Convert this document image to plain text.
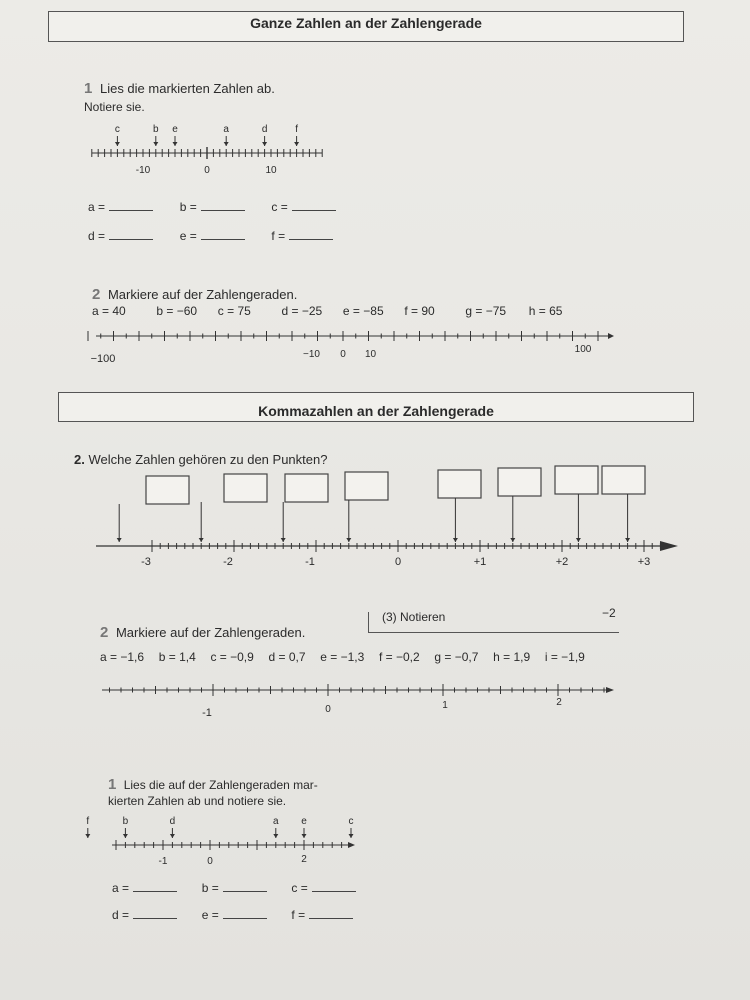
Ganze Zahlen an der Zahlengerade
1 Lies die markierten Zahlen ab.
Notiere sie.
c	b e	a	d	f
-10	0	10
a =	b =	c =
d =	e =	f =
2 Markiere auf der Zahlengeraden.
a = 40	b = −60 c = 75	d = −25 e = −85 f = 90	g = −75 h = 65
−100	−10 0 10	100
Kommazahlen an der Zahlengerade
2. Welche Zahlen gehören zu den Punkten?
-3	-2	-1	0	+1	+2	+3
2 Markiere auf der Zahlengeraden.
(3) Notieren	−2
a = −1,6 b = 1,4 c = −0,9 d = 0,7 e = −1,3 f = −0,2 g = −0,7 h = 1,9 i = −1,9
-1	0	1	2
1 Lies die auf der Zahlengeraden mar-
kierten Zahlen ab und notiere sie.
f	b	d	a e	c
-1	0	2
a =	b =	c =
d =	e =	f =
